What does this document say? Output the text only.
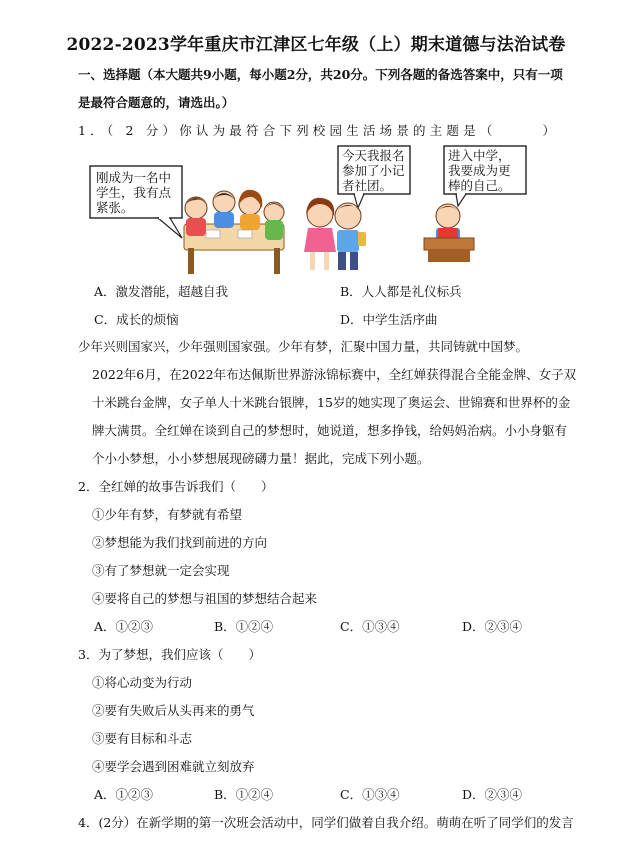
2022-2023学年重庆市江津区七年级（上）期末道德与法治试卷
一、选择题（本大题共9小题，每小题2分，共20分。下列各题的备选答案中，只有一项
是最符合题意的，请选出。）
1．（ 2 分）你认为最符合下列校园生活场景的主题是（	）
刚成为一名中
学生，我有点
紧张。
今天我报名
参加了小记
者社团。
进入中学，
我要成为更
棒的自己。
A．激发潜能，超越自我	B．人人都是礼仪标兵
C．成长的烦恼	D．中学生活序曲
少年兴则国家兴，少年强则国家强。少年有梦，汇聚中国力量，共同铸就中国梦。
2022年6月，在2022年布达佩斯世界游泳锦标赛中，全红婵获得混合全能金牌、女子双
十米跳台金牌，女子单人十米跳台银牌，15岁的她实现了奥运会、世锦赛和世界杯的金
牌大满贯。全红婵在谈到自己的梦想时，她说道，想多挣钱，给妈妈治病。小小身躯有
个小小梦想，小小梦想展现磅礴力量！据此，完成下列小题。
2．全红婵的故事告诉我们（　　）
①少年有梦，有梦就有希望
②梦想能为我们找到前进的方向
③有了梦想就一定会实现
④要将自己的梦想与祖国的梦想结合起来
A．①②③	B．①②④	C．①③④	D．②③④
3．为了梦想，我们应该（　　）
①将心动变为行动
②要有失败后从头再来的勇气
③要有目标和斗志
④要学会遇到困难就立刻放弃
A．①②③	B．①②④	C．①③④	D．②③④
4．(2分）在新学期的第一次班会活动中，同学们做着自我介绍。萌萌在听了同学们的发言
